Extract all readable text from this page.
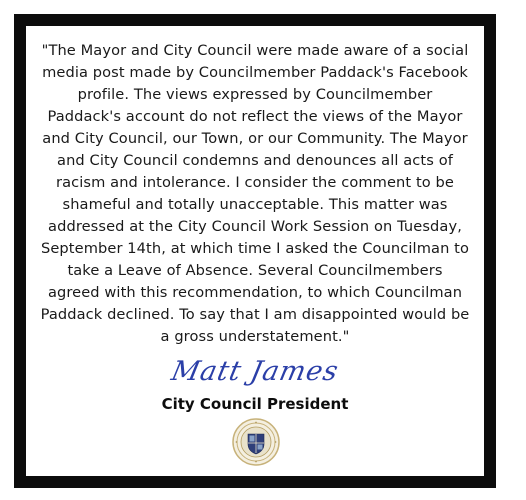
"The Mayor and City Council were made aware of a social
media post made by Councilmember Paddack's Facebook
profile. The views expressed by Councilmember
Paddack's account do not reflect the views of the Mayor
and City Council, our Town, or our Community. The Mayor
and City Council condemns and denounces all acts of
racism and intolerance. I consider the comment to be
shameful and totally unacceptable. This matter was
addressed at the City Council Work Session on Tuesday,
September 14th, at which time I asked the Councilman to
take a Leave of Absence. Several Councilmembers
agreed with this recommendation, to which Councilman
Paddack declined. To say that I am disappointed would be
a gross understatement."

Matt James
City Council President
